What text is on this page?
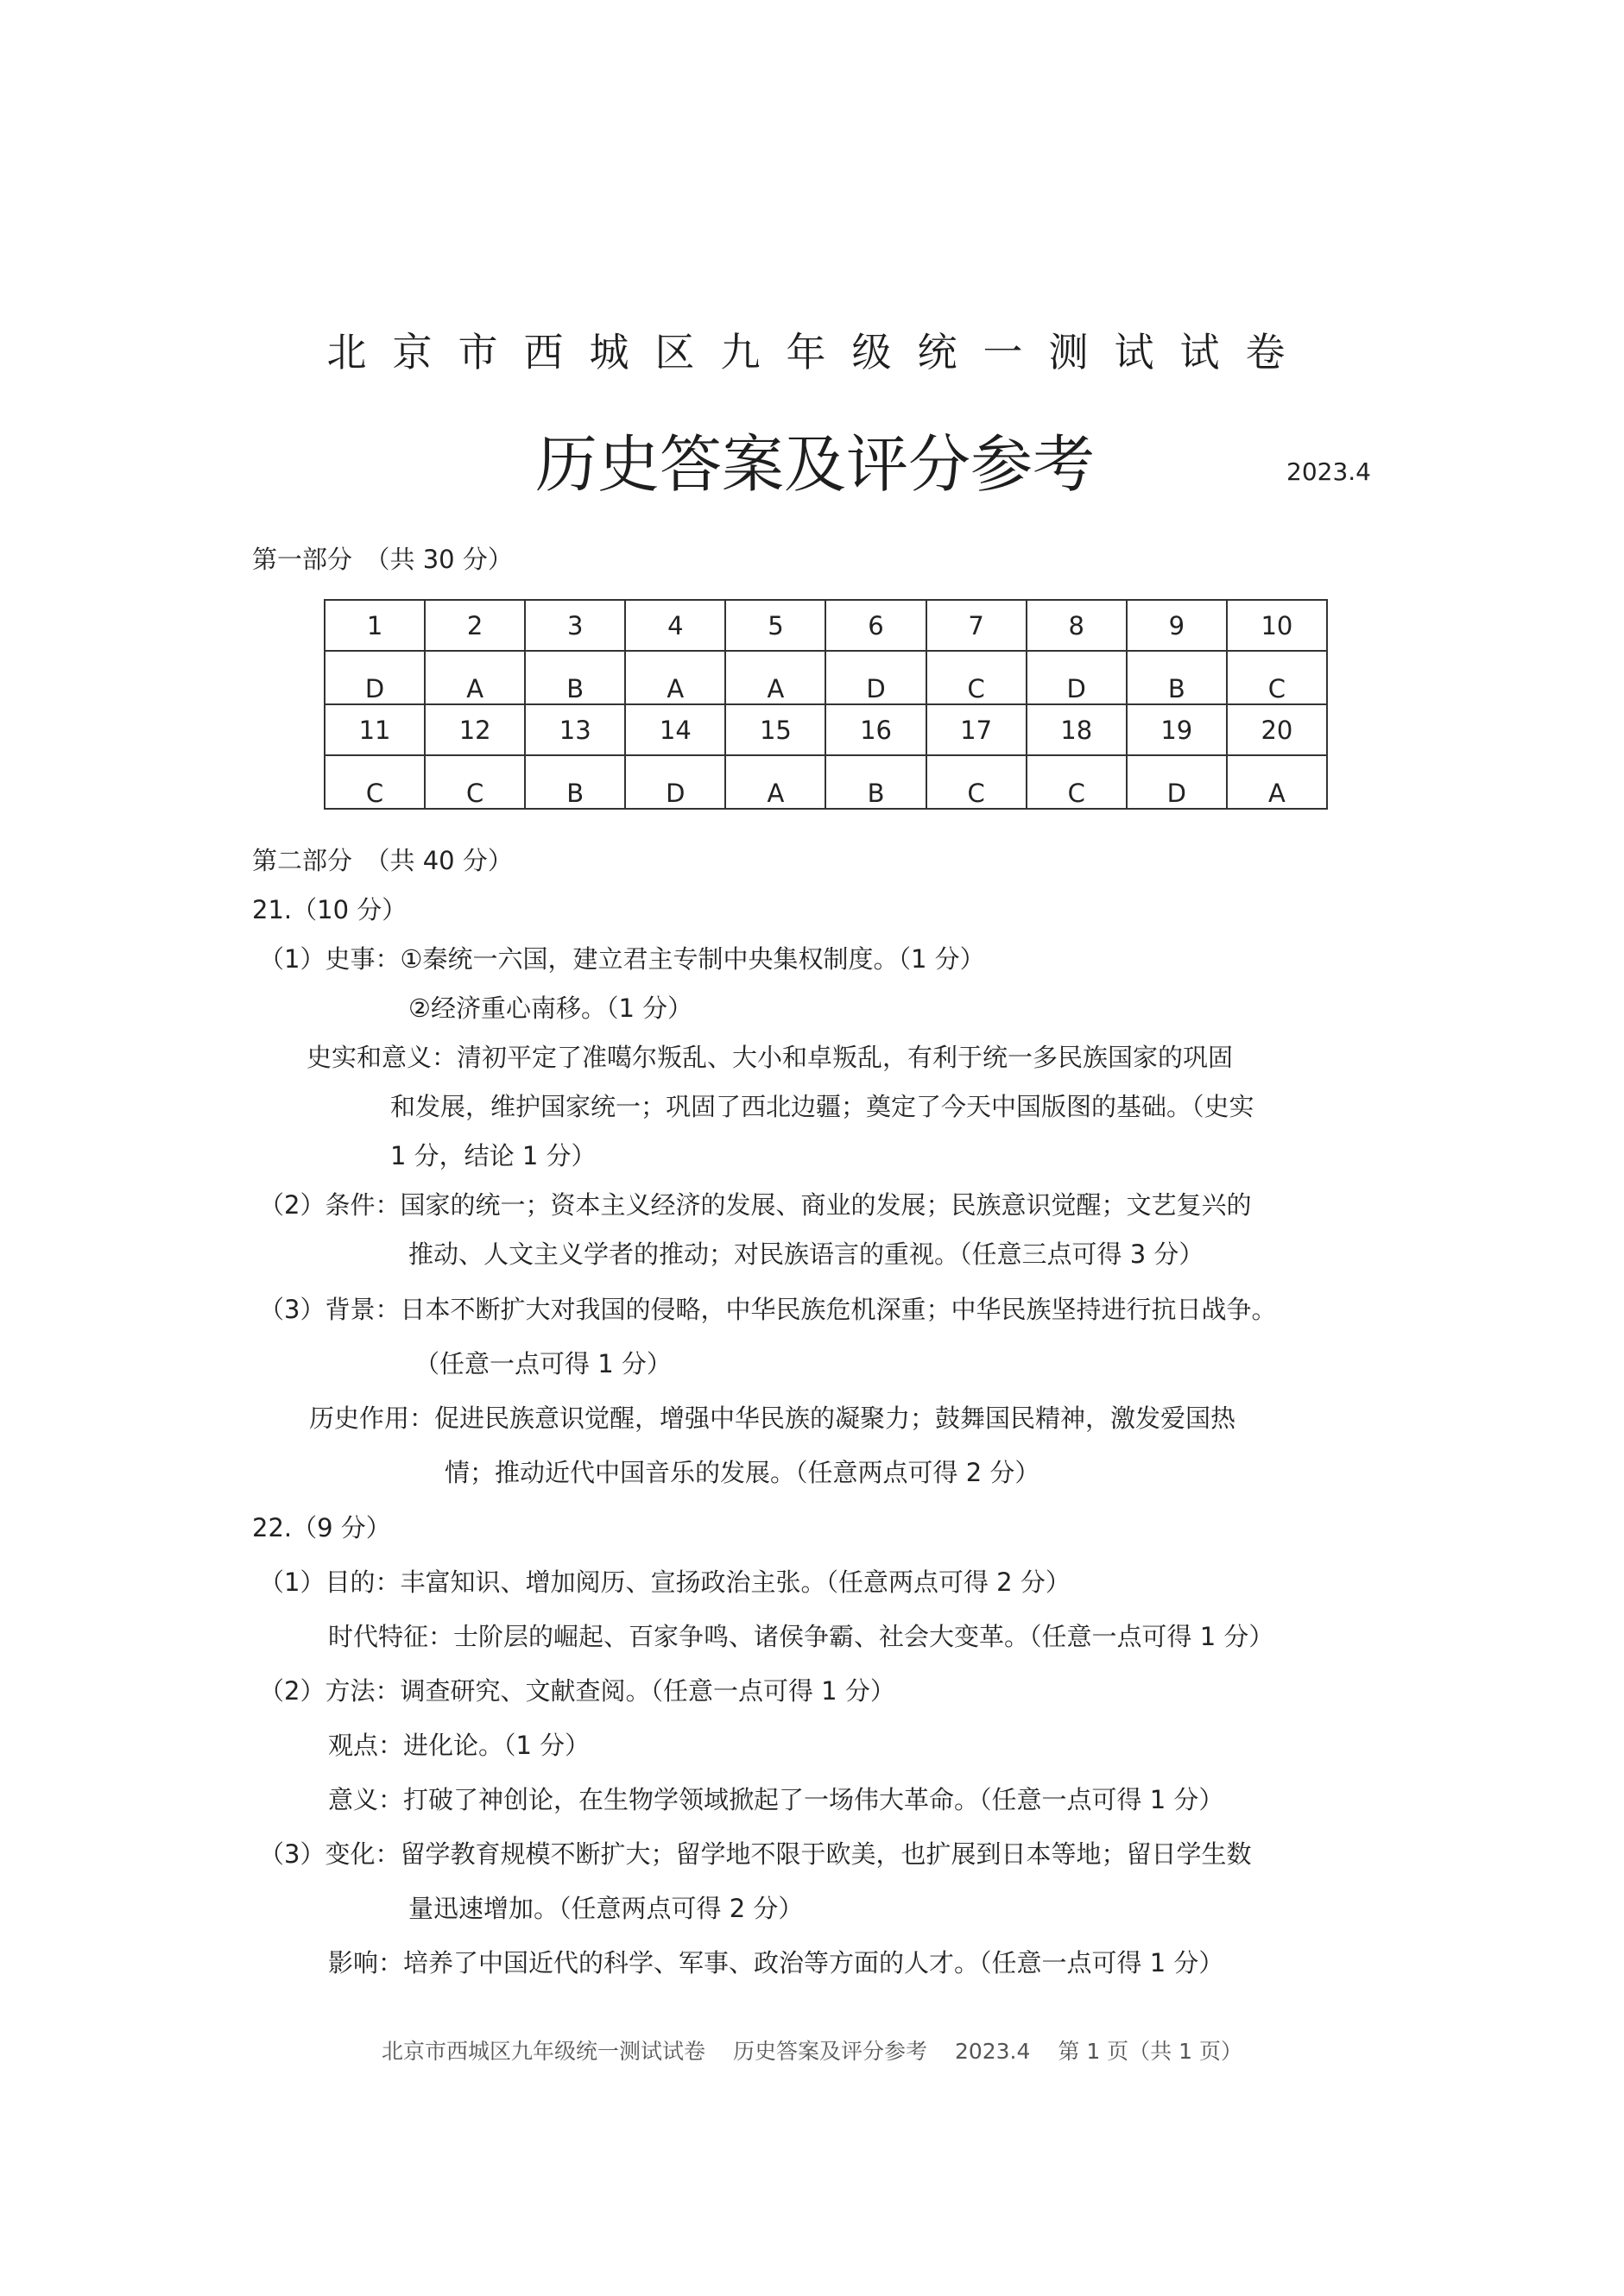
北京市西城区九年级统一测试试卷
历史答案及评分参考	2023.4
第一部分　（共 30 分）
1	2	3	4	5	6	7	8	9	10
D	A	B	A	A	D	C	D	B	C
11	12	13	14	15	16	17	18	19	20
C	C	B	D	A	B	C	C	D	A
第二部分　（共 40 分）
21.（10 分）
（1）史事：①秦统一六国，建立君主专制中央集权制度。（1 分）
②经济重心南移。（1 分）
史实和意义：清初平定了准噶尔叛乱、大小和卓叛乱，有利于统一多民族国家的巩固
和发展，维护国家统一；巩固了西北边疆；奠定了今天中国版图的基础。（史实
1 分，结论 1 分）
（2）条件：国家的统一；资本主义经济的发展、商业的发展；民族意识觉醒；文艺复兴的
推动、人文主义学者的推动；对民族语言的重视。（任意三点可得 3 分）
（3）背景：日本不断扩大对我国的侵略，中华民族危机深重；中华民族坚持进行抗日战争。
（任意一点可得 1 分）
历史作用：促进民族意识觉醒，增强中华民族的凝聚力；鼓舞国民精神，激发爱国热
情；推动近代中国音乐的发展。（任意两点可得 2 分）
22.（9 分）
（1）目的：丰富知识、增加阅历、宣扬政治主张。（任意两点可得 2 分）
时代特征：士阶层的崛起、百家争鸣、诸侯争霸、社会大变革。（任意一点可得 1 分）
（2）方法：调查研究、文献查阅。（任意一点可得 1 分）
观点：进化论。（1 分）
意义：打破了神创论，在生物学领域掀起了一场伟大革命。（任意一点可得 1 分）
（3）变化：留学教育规模不断扩大；留学地不限于欧美，也扩展到日本等地；留日学生数
量迅速增加。（任意两点可得 2 分）
影响：培养了中国近代的科学、军事、政治等方面的人才。（任意一点可得 1 分）
北京市西城区九年级统一测试试卷 历史答案及评分参考 2023.4 第 1 页（共 1 页）
